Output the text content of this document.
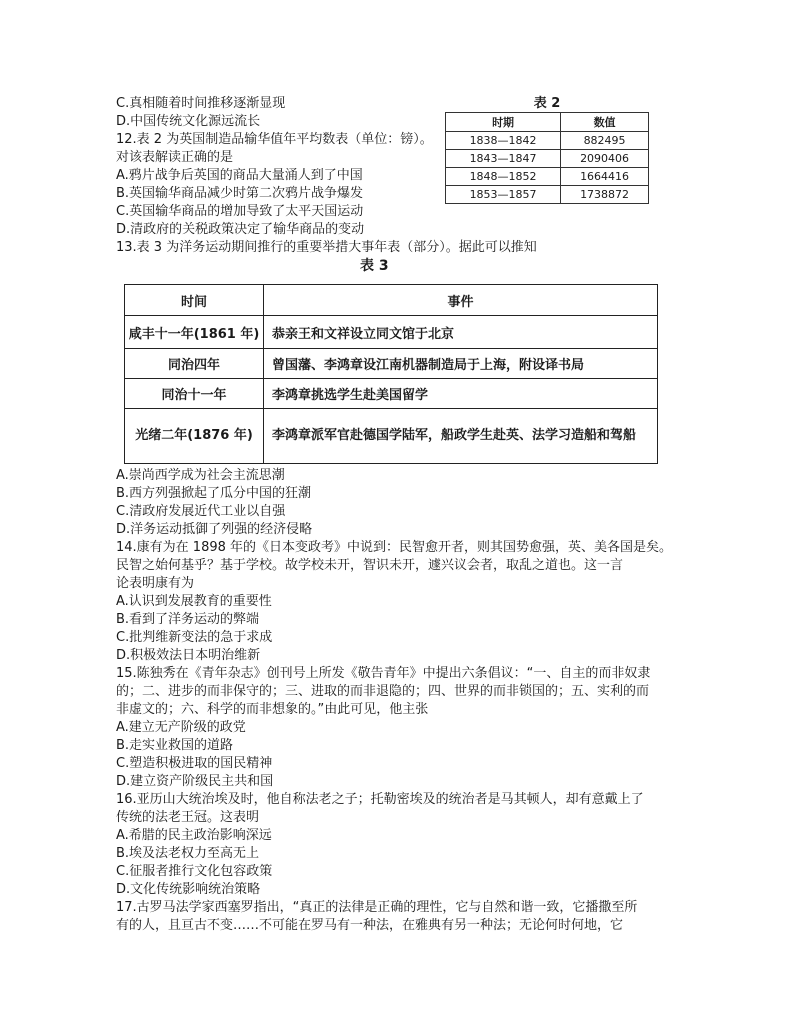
C.真相随着时间推移逐渐显现
D.中国传统文化源远流长
12.表 2 为英国制造品输华值年平均数表（单位：镑）。
对该表解读正确的是
A.鸦片战争后英国的商品大量涌人到了中国
B.英国输华商品减少时第二次鸦片战争爆发
C.英国输华商品的增加导致了太平天国运动
D.清政府的关税政策决定了输华商品的变动
13.表 3 为洋务运动期间推行的重要举措大事年表（部分）。据此可以推知
表 2
时期	数值
1838—1842	882495
1843—1847	2090406
1848—1852	1664416
1853—1857	1738872
表 3
时间	事件
咸丰十一年(1861 年)	恭亲王和文祥设立同文馆于北京
同治四年	曾国藩、李鸿章设江南机器制造局于上海，附设译书局
同治十一年	李鸿章挑选学生赴美国留学
光绪二年(1876 年)	李鸿章派军官赴德国学陆军，船政学生赴英、法学习造船和驾船
A.崇尚西学成为社会主流思潮
B.西方列强掀起了瓜分中国的狂潮
C.清政府发展近代工业以自强
D.洋务运动抵御了列强的经济侵略
14.康有为在 1898 年的《日本变政考》中说到：民智愈开者，则其国势愈强，英、美各国是矣。
民智之始何基乎？基于学校。故学校未开，智识未开，遽兴议会者，取乱之道也。这一言
论表明康有为
A.认识到发展教育的重要性
B.看到了洋务运动的弊端
C.批判维新变法的急于求成
D.积极效法日本明治维新
15.陈独秀在《青年杂志》创刊号上所发《敬告青年》中提出六条倡议：“一、自主的而非奴隶
的；二、进步的而非保守的；三、进取的而非退隐的；四、世界的而非锁国的；五、实利的而
非虚文的；六、科学的而非想象的。”由此可见，他主张
A.建立无产阶级的政党
B.走实业救国的道路
C.塑造积极进取的国民精神
D.建立资产阶级民主共和国
16.亚历山大统治埃及时，他自称法老之子；托勒密埃及的统治者是马其顿人，却有意戴上了
传统的法老王冠。这表明
A.希腊的民主政治影响深远
B.埃及法老权力至高无上
C.征服者推行文化包容政策
D.文化传统影响统治策略
17.古罗马法学家西塞罗指出，“真正的法律是正确的理性，它与自然和谐一致，它播撒至所
有的人，且亘古不变……不可能在罗马有一种法，在雅典有另一种法；无论何时何地，它
